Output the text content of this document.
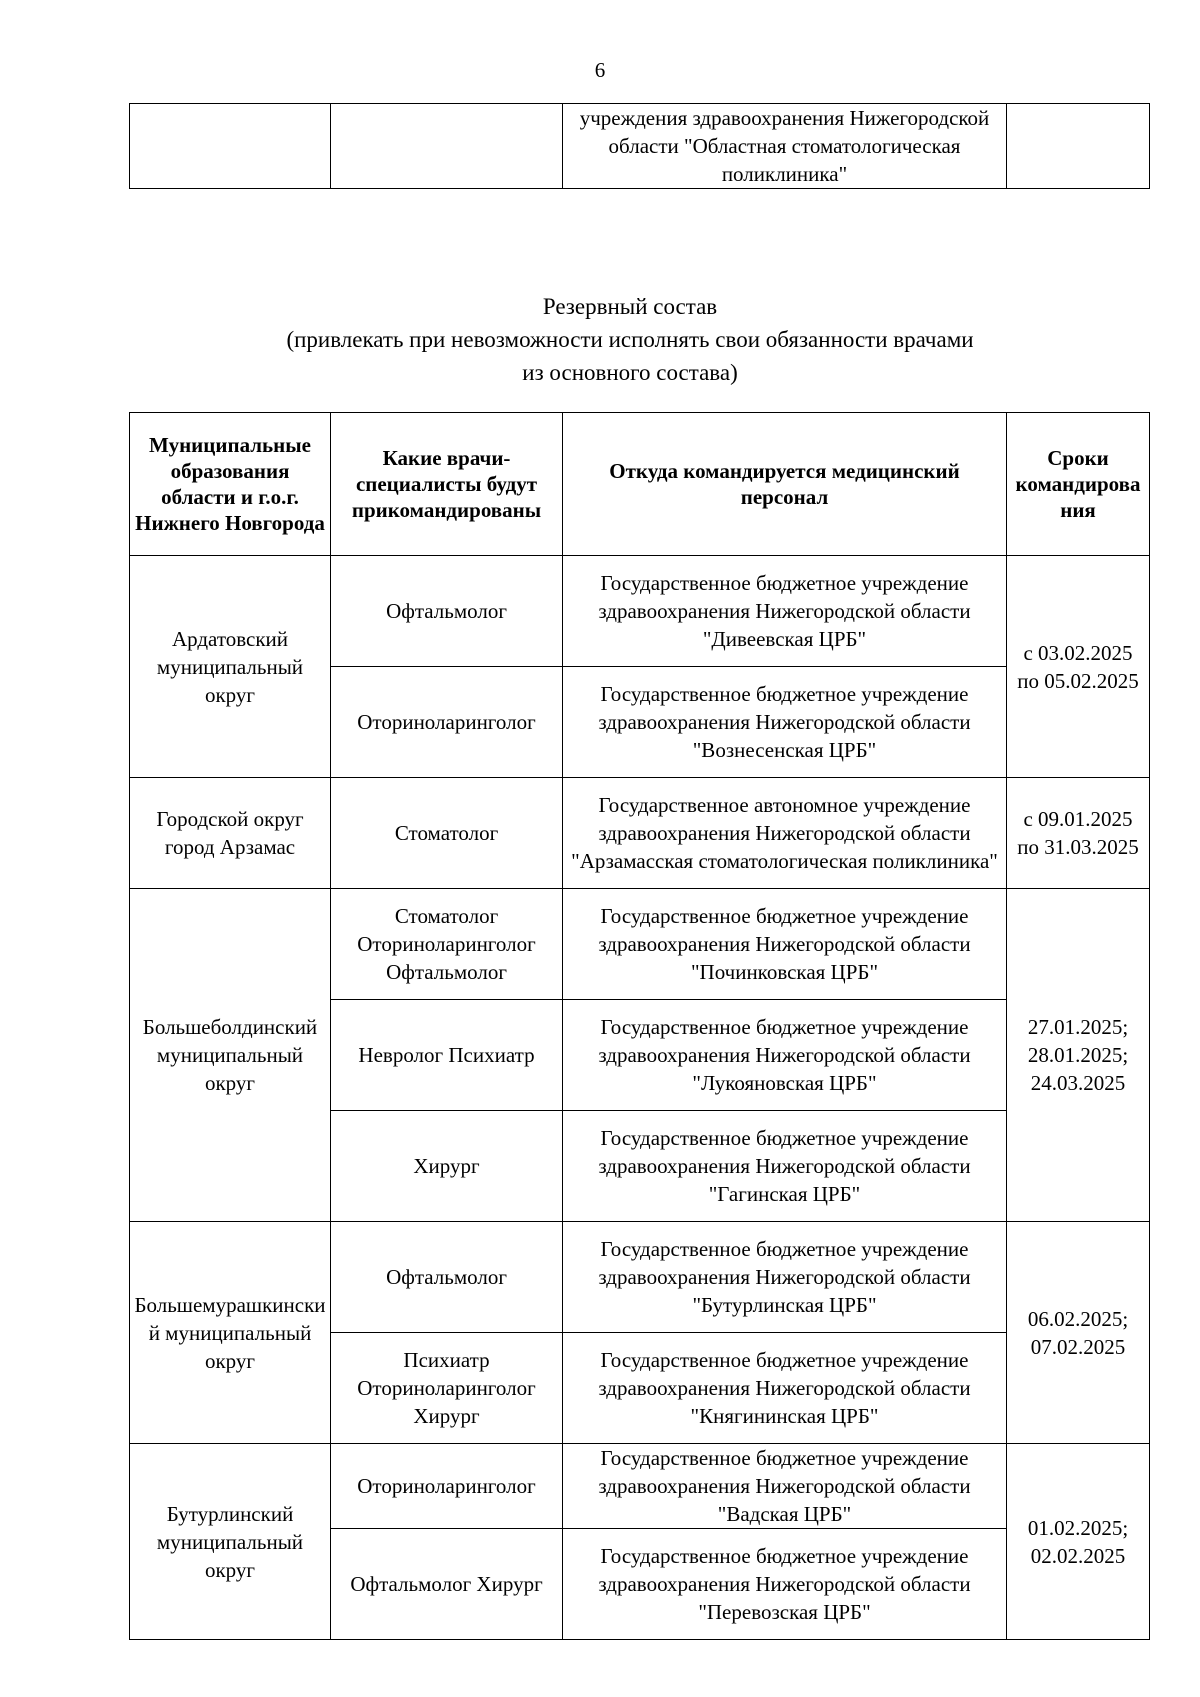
6
		учреждения здравоохранения Нижегородской области "Областная стоматологическая поликлиника"	
Резервный состав
(привлекать при невозможности исполнять свои обязанности врачами
из основного состава)
Муниципальные образования области и г.о.г. Нижнего Новгорода	Какие врачи-специалисты будут прикомандированы	Откуда командируется медицинский персонал	Сроки командирования
Ардатовский муниципальный округ	Офтальмолог	Государственное бюджетное учреждение здравоохранения Нижегородской области "Дивеевская ЦРБ"	с 03.02.2025 по 05.02.2025
	Оториноларинголог	Государственное бюджетное учреждение здравоохранения Нижегородской области "Вознесенская ЦРБ"	
Городской округ город Арзамас	Стоматолог	Государственное автономное учреждение здравоохранения Нижегородской области "Арзамасская стоматологическая поликлиника"	с 09.01.2025 по 31.03.2025
Большеболдинский муниципальный округ	Стоматолог Оториноларинголог Офтальмолог	Государственное бюджетное учреждение здравоохранения Нижегородской области "Починковская ЦРБ"	27.01.2025; 28.01.2025; 24.03.2025
	Невролог Психиатр	Государственное бюджетное учреждение здравоохранения Нижегородской области "Лукояновская ЦРБ"	
	Хирург	Государственное бюджетное учреждение здравоохранения Нижегородской области "Гагинская ЦРБ"	
Большемурашкинский муниципальный округ	Офтальмолог	Государственное бюджетное учреждение здравоохранения Нижегородской области "Бутурлинская ЦРБ"	06.02.2025; 07.02.2025
	Психиатр Оториноларинголог Хирург	Государственное бюджетное учреждение здравоохранения Нижегородской области "Княгининская ЦРБ"	
Бутурлинский муниципальный округ	Оториноларинголог	Государственное бюджетное учреждение здравоохранения Нижегородской области "Вадская ЦРБ"	01.02.2025; 02.02.2025
	Офтальмолог Хирург	Государственное бюджетное учреждение здравоохранения Нижегородской области "Перевозская ЦРБ"	
